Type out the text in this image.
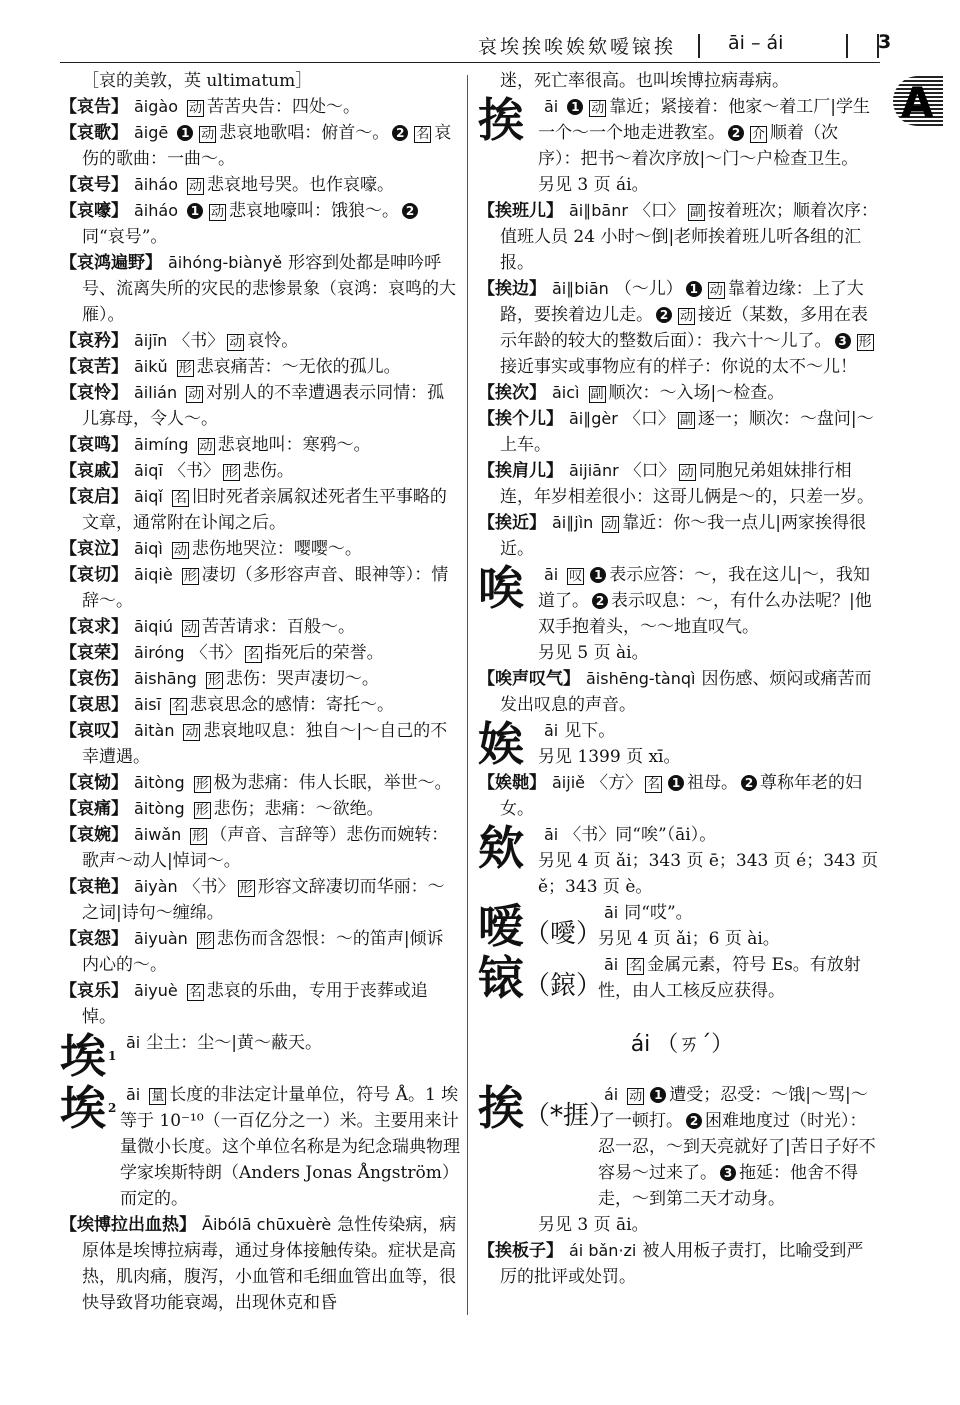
哀埃挨唉娭欸嗳锿挨	āi – ái	3
A

［哀的美敦，英 ultimatum］

【哀告】 āigào 动 苦苦央告：四处～。

【哀歌】 āigē 1 动 悲哀地歌唱：俯首～。 2 名 哀伤的歌曲：一曲～。

【哀号】 āiháo 动 悲哀地号哭。也作哀嚎。

【哀嚎】 āiháo 1 动 悲哀地嚎叫：饿狼～。 2同“哀号”。

【哀鸿遍野】 āihóng-biànyě 形容到处都是呻吟呼号、流离失所的灾民的悲惨景象（哀鸿：哀鸣的大雁）。

【哀矜】 āijīn 〈书〉 动 哀怜。

【哀苦】 āikǔ 形 悲哀痛苦：～无依的孤儿。

【哀怜】 āilián 动 对别人的不幸遭遇表示同情：孤儿寡母，令人～。

【哀鸣】 āimíng 动 悲哀地叫：寒鸦～。

【哀戚】 āiqī 〈书〉 形 悲伤。

【哀启】 āiqǐ 名 旧时死者亲属叙述死者生平事略的文章，通常附在讣闻之后。

【哀泣】 āiqì 动 悲伤地哭泣：嘤嘤～。

【哀切】 āiqiè 形 凄切（多形容声音、眼神等）：情辞～。

【哀求】 āiqiú 动 苦苦请求：百般～。

【哀荣】 āiróng 〈书〉 名 指死后的荣誉。

【哀伤】 āishāng 形 悲伤：哭声凄切～。

【哀思】 āisī 名 悲哀思念的感情：寄托～。

【哀叹】 āitàn 动 悲哀地叹息：独自～|～自己的不幸遭遇。

【哀恸】 āitòng 形 极为悲痛：伟人长眠，举世～。

【哀痛】 āitòng 形 悲伤；悲痛：～欲绝。

【哀婉】 āiwǎn 形 （声音、言辞等）悲伤而婉转：歌声～动人|悼词～。

【哀艳】 āiyàn 〈书〉 形 形容文辞凄切而华丽：～之词|诗句～缠绵。

【哀怨】 āiyuàn 形 悲伤而含怨恨：～的笛声|倾诉内心的～。

【哀乐】 āiyuè 名 悲哀的乐曲，专用于丧葬或追悼。

埃 $^1$
āi 尘土：尘～|黄～蔽天。
埃 $^2$
āi 量 长度的非法定计量单位，符号 Å。1 埃等于 10⁻¹⁰（一百亿分之一）米。主要用来计量微小长度。这个单位名称是为纪念瑞典物理学家埃斯特朗（Anders Jonas Ångström）而定的。

【埃博拉出血热】 Āibólā chūxuèrè 急性传染病，病原体是埃博拉病毒，通过身体接触传染。症状是高热，肌肉痛，腹泻，小血管和毛细血管出血等，很快导致肾功能衰竭，出现休克和昏

迷，死亡率很高。也叫埃博拉病毒病。

挨	āi 1 动 靠近；紧接着：他家～着工厂|学生一个～一个地走进教室。 2 介 顺着（次序）：把书～着次序放|～门～户检查卫生。

另见 3 页 ái。

【挨班儿】 āi∥bānr 〈口〉 副 按着班次；顺着次序：值班人员 24 小时～倒|老师挨着班儿听各组的汇报。

【挨边】 āi∥biān （～儿） 1 动 靠着边缘：上了大路，要挨着边儿走。 2 动 接近（某数，多用在表示年龄的较大的整数后面）：我六十～儿了。 3 形接近事实或事物应有的样子：你说的太不～儿！

【挨次】 āicì 副 顺次：～入场|～检查。

【挨个儿】 āi∥gèr 〈口〉 副 逐一；顺次：～盘问|～上车。

【挨肩儿】 āijiānr 〈口〉 动 同胞兄弟姐妹排行相连，年岁相差很小：这哥儿俩是～的，只差一岁。

【挨近】 āi∥jìn 动 靠近：你～我一点儿|两家挨得很近。

唉	āi 叹 1 表示应答：～，我在这儿|～，我知道了。 2 表示叹息：～，有什么办法呢？|他双手抱着头，～～地直叹气。

另见 5 页 ài。

【唉声叹气】 āishēng-tànqì 因伤感、烦闷或痛苦而发出叹息的声音。

娭	āi 见下。
另见 1399 页 xī。

【娭毑】 āijiě 〈方〉 名 1 祖母。 2 尊称年老的妇女。

欸	āi 〈书〉同“唉”（āi）。
另见 4 页 ǎi；343 页 ē；343 页 é；343 页 ě；343 页 è。
嗳（噯）
āi 同“哎”。
另见 4 页 ǎi；6 页 ài。
锿（鎄）
āi 名 金属元素，符号 Es。有放射性，由人工核反应获得。
ái （ㄞˊ）
挨（*捱）
ái 动 1 遭受；忍受：～饿|～骂|～了一顿打。 2 困难地度过（时光）：忍一忍，～到天亮就好了|苦日子好不容易～过来了。 3 拖延：他舍不得走，～到第二天才动身。

另见 3 页 āi。

【挨板子】 ái bǎn·zi 被人用板子责打，比喻受到严厉的批评或处罚。
